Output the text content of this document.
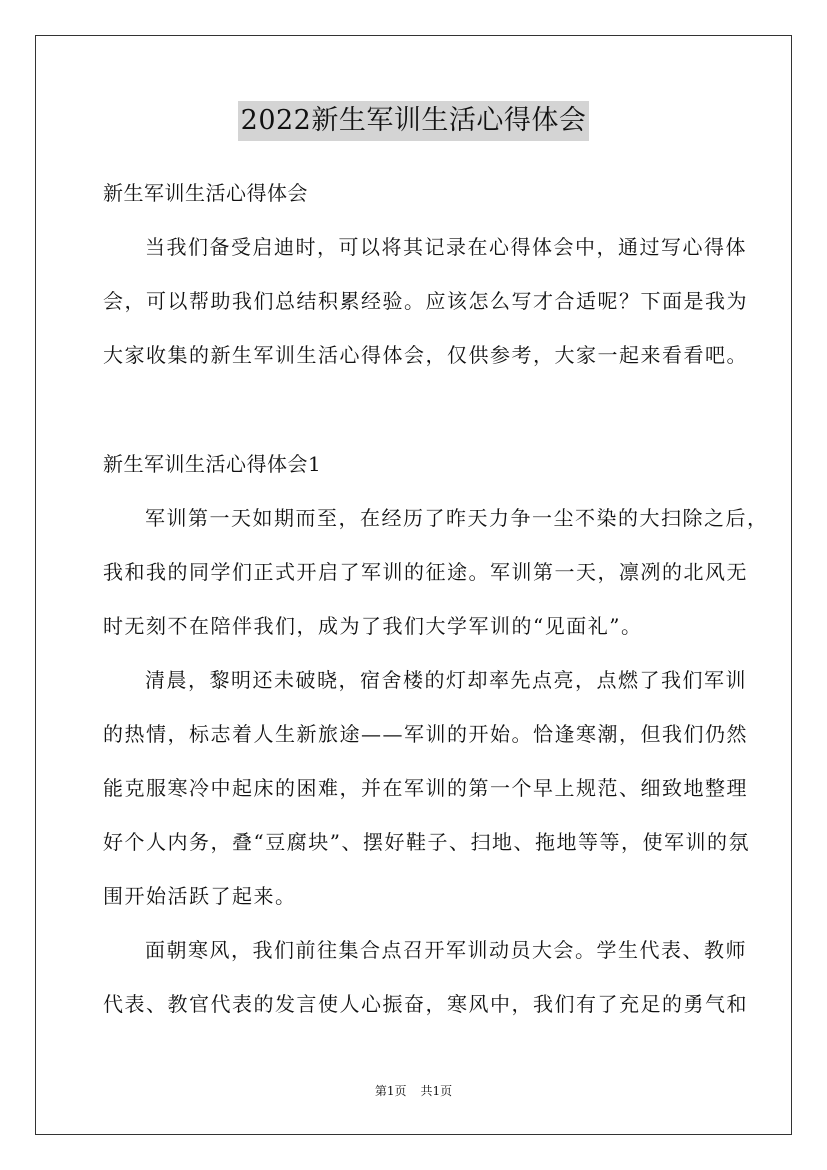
2022新生军训生活心得体会

新生军训生活心得体会

当我们备受启迪时，可以将其记录在心得体会中，通过写心得体
会，可以帮助我们总结积累经验。应该怎么写才合适呢？下面是我为
大家收集的新生军训生活心得体会，仅供参考，大家一起来看看吧。

新生军训生活心得体会1

军训第一天如期而至，在经历了昨天力争一尘不染的大扫除之后，
我和我的同学们正式开启了军训的征途。军训第一天，凛冽的北风无
时无刻不在陪伴我们，成为了我们大学军训的“见面礼”。
清晨，黎明还未破晓，宿舍楼的灯却率先点亮，点燃了我们军训
的热情，标志着人生新旅途——军训的开始。恰逢寒潮，但我们仍然
能克服寒冷中起床的困难，并在军训的第一个早上规范、细致地整理
好个人内务，叠“豆腐块”、摆好鞋子、扫地、拖地等等，使军训的氛
围开始活跃了起来。
面朝寒风，我们前往集合点召开军训动员大会。学生代表、教师
代表、教官代表的发言使人心振奋，寒风中，我们有了充足的勇气和
第1页 共1页
